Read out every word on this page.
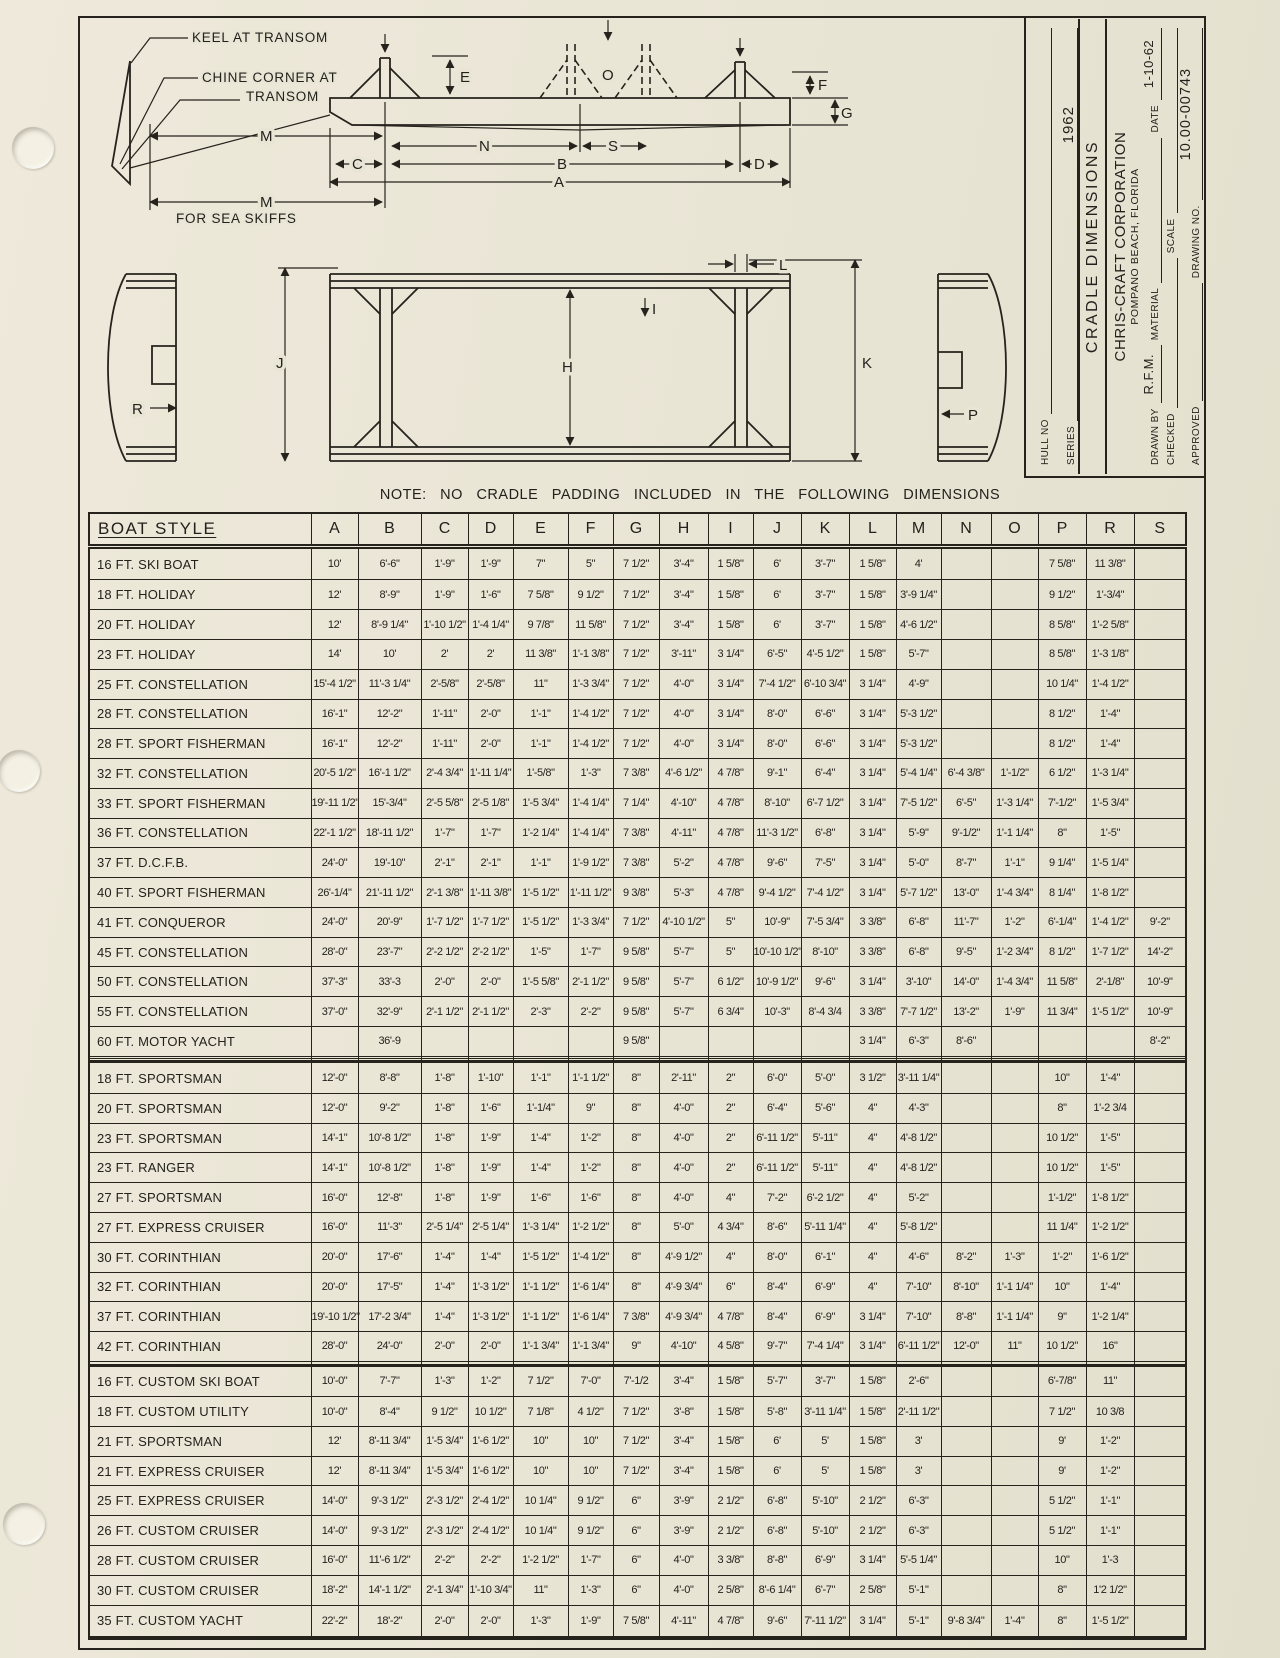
KEEL AT TRANSOM
CHINE CORNER AT
TRANSOM
FOR SEA SKIFFS
E	O
F
G
M
N	S
C	B	D
A
M
J	H
I
K
L
R	P
HULL NO SERIES
1962
CRADLE DIMENSIONS CHRIS-CRAFT CORPORATION POMPANO BEACH, FLORIDA
DRAWN BY
R.F.M.
MATERIAL
DATE
1-10-62
CHECKED
SCALE
APPROVED
DRAWING NO.
10.00-00743
NOTE: NO CRADLE PADDING INCLUDED IN THE FOLLOWING DIMENSIONS
BOAT STYLE	A	B	C	D	E	F	G	H	I	J	K	L	M	N	O	P	R	S
16 FT. SKI BOAT	10'	6'-6"	1'-9"	1'-9"	7"	5"	7 1/2"	3'-4"	1 5/8"	6'	3'-7"	1 5/8"	4'			7 5/8"	11 3/8"	
18 FT. HOLIDAY	12'	8'-9"	1'-9"	1'-6"	7 5/8"	9 1/2"	7 1/2"	3'-4"	1 5/8"	6'	3'-7"	1 5/8"	3'-9 1/4"			9 1/2"	1'-3/4"	
20 FT. HOLIDAY	12'	8'-9 1/4"	1'-10 1/2"	1'-4 1/4"	9 7/8"	11 5/8"	7 1/2"	3'-4"	1 5/8"	6'	3'-7"	1 5/8"	4'-6 1/2"			8 5/8"	1'-2 5/8"	
23 FT. HOLIDAY	14'	10'	2'	2'	11 3/8"	1'-1 3/8"	7 1/2"	3'-11"	3 1/4"	6'-5"	4'-5 1/2"	1 5/8"	5'-7"			8 5/8"	1'-3 1/8"	
25 FT. CONSTELLATION	15'-4 1/2"	11'-3 1/4"	2'-5/8"	2'-5/8"	11"	1'-3 3/4"	7 1/2"	4'-0"	3 1/4"	7'-4 1/2"	6'-10 3/4"	3 1/4"	4'-9"			10 1/4"	1'-4 1/2"	
28 FT. CONSTELLATION	16'-1"	12'-2"	1'-11"	2'-0"	1'-1"	1'-4 1/2"	7 1/2"	4'-0"	3 1/4"	8'-0"	6'-6"	3 1/4"	5'-3 1/2"			8 1/2"	1'-4"	
28 FT. SPORT FISHERMAN	16'-1"	12'-2"	1'-11"	2'-0"	1'-1"	1'-4 1/2"	7 1/2"	4'-0"	3 1/4"	8'-0"	6'-6"	3 1/4"	5'-3 1/2"			8 1/2"	1'-4"	
32 FT. CONSTELLATION	20'-5 1/2"	16'-1 1/2"	2'-4 3/4"	1'-11 1/4"	1'-5/8"	1'-3"	7 3/8"	4'-6 1/2"	4 7/8"	9'-1"	6'-4"	3 1/4"	5'-4 1/4"	6'-4 3/8"	1'-1/2"	6 1/2"	1'-3 1/4"	
33 FT. SPORT FISHERMAN	19'-11 1/2"	15'-3/4"	2'-5 5/8"	2'-5 1/8"	1'-5 3/4"	1'-4 1/4"	7 1/4"	4'-10"	4 7/8"	8'-10"	6'-7 1/2"	3 1/4"	7'-5 1/2"	6'-5"	1'-3 1/4"	7'-1/2"	1'-5 3/4"	
36 FT. CONSTELLATION	22'-1 1/2"	18'-11 1/2"	1'-7"	1'-7"	1'-2 1/4"	1'-4 1/4"	7 3/8"	4'-11"	4 7/8"	11'-3 1/2"	6'-8"	3 1/4"	5'-9"	9'-1/2"	1'-1 1/4"	8"	1'-5"	
37 FT. D.C.F.B.	24'-0"	19'-10"	2'-1"	2'-1"	1'-1"	1'-9 1/2"	7 3/8"	5'-2"	4 7/8"	9'-6"	7'-5"	3 1/4"	5'-0"	8'-7"	1'-1"	9 1/4"	1'-5 1/4"	
40 FT. SPORT FISHERMAN	26'-1/4"	21'-11 1/2"	2'-1 3/8"	1'-11 3/8"	1'-5 1/2"	1'-11 1/2"	9 3/8"	5'-3"	4 7/8"	9'-4 1/2"	7'-4 1/2"	3 1/4"	5'-7 1/2"	13'-0"	1'-4 3/4"	8 1/4"	1'-8 1/2"	
41 FT. CONQUEROR	24'-0"	20'-9"	1'-7 1/2"	1'-7 1/2"	1'-5 1/2"	1'-3 3/4"	7 1/2"	4'-10 1/2"	5"	10'-9"	7'-5 3/4"	3 3/8"	6'-8"	11'-7"	1'-2"	6'-1/4"	1'-4 1/2"	9'-2"
45 FT. CONSTELLATION	28'-0"	23'-7"	2'-2 1/2"	2'-2 1/2"	1'-5"	1'-7"	9 5/8"	5'-7"	5"	10'-10 1/2"	8'-10"	3 3/8"	6'-8"	9'-5"	1'-2 3/4"	8 1/2"	1'-7 1/2"	14'-2"
50 FT. CONSTELLATION	37'-3"	33'-3	2'-0"	2'-0"	1'-5 5/8"	2'-1 1/2"	9 5/8"	5'-7"	6 1/2"	10'-9 1/2"	9'-6"	3 1/4"	3'-10"	14'-0"	1'-4 3/4"	11 5/8"	2'-1/8"	10'-9"
55 FT. CONSTELLATION	37'-0"	32'-9"	2'-1 1/2"	2'-1 1/2"	2'-3"	2'-2"	9 5/8"	5'-7"	6 3/4"	10'-3"	8'-4 3/4	3 3/8"	7'-7 1/2"	13'-2"	1'-9"	11 3/4"	1'-5 1/2"	10'-9"
60 FT. MOTOR YACHT		36'-9					9 5/8"					3 1/4"	6'-3"	8'-6"				8'-2"

18 FT. SPORTSMAN	12'-0"	8'-8"	1'-8"	1'-10"	1'-1"	1'-1 1/2"	8"	2'-11"	2"	6'-0"	5'-0"	3 1/2"	3'-11 1/4"			10"	1'-4"	
20 FT. SPORTSMAN	12'-0"	9'-2"	1'-8"	1'-6"	1'-1/4"	9"	8"	4'-0"	2"	6'-4"	5'-6"	4"	4'-3"			8"	1'-2 3/4	
23 FT. SPORTSMAN	14'-1"	10'-8 1/2"	1'-8"	1'-9"	1'-4"	1'-2"	8"	4'-0"	2"	6'-11 1/2"	5'-11"	4"	4'-8 1/2"			10 1/2"	1'-5"	
23 FT. RANGER	14'-1"	10'-8 1/2"	1'-8"	1'-9"	1'-4"	1'-2"	8"	4'-0"	2"	6'-11 1/2"	5'-11"	4"	4'-8 1/2"			10 1/2"	1'-5"	
27 FT. SPORTSMAN	16'-0"	12'-8"	1'-8"	1'-9"	1'-6"	1'-6"	8"	4'-0"	4"	7'-2"	6'-2 1/2"	4"	5'-2"			1'-1/2"	1'-8 1/2"	
27 FT. EXPRESS CRUISER	16'-0"	11'-3"	2'-5 1/4"	2'-5 1/4"	1'-3 1/4"	1'-2 1/2"	8"	5'-0"	4 3/4"	8'-6"	5'-11 1/4"	4"	5'-8 1/2"			11 1/4"	1'-2 1/2"	
30 FT. CORINTHIAN	20'-0"	17'-6"	1'-4"	1'-4"	1'-5 1/2"	1'-4 1/2"	8"	4'-9 1/2"	4"	8'-0"	6'-1"	4"	4'-6"	8'-2"	1'-3"	1'-2"	1'-6 1/2"	
32 FT. CORINTHIAN	20'-0"	17'-5"	1'-4"	1'-3 1/2"	1'-1 1/2"	1'-6 1/4"	8"	4'-9 3/4"	6"	8'-4"	6'-9"	4"	7'-10"	8'-10"	1'-1 1/4"	10"	1'-4"	
37 FT. CORINTHIAN	19'-10 1/2"	17'-2 3/4"	1'-4"	1'-3 1/2"	1'-1 1/2"	1'-6 1/4"	7 3/8"	4'-9 3/4"	4 7/8"	8'-4"	6'-9"	3 1/4"	7'-10"	8'-8"	1'-1 1/4"	9"	1'-2 1/4"	
42 FT. CORINTHIAN	28'-0"	24'-0"	2'-0"	2'-0"	1'-1 3/4"	1'-1 3/4"	9"	4'-10"	4 5/8"	9'-7"	7'-4 1/4"	3 1/4"	6'-11 1/2"	12'-0"	11"	10 1/2"	16"	

16 FT. CUSTOM SKI BOAT	10'-0"	7'-7"	1'-3"	1'-2"	7 1/2"	7'-0"	7'-1/2	3'-4"	1 5/8"	5'-7"	3'-7"	1 5/8"	2'-6"			6'-7/8"	11"	
18 FT. CUSTOM UTILITY	10'-0"	8'-4"	9 1/2"	10 1/2"	7 1/8"	4 1/2"	7 1/2"	3'-8"	1 5/8"	5'-8"	3'-11 1/4"	1 5/8"	2'-11 1/2"			7 1/2"	10 3/8	
21 FT. SPORTSMAN	12'	8'-11 3/4"	1'-5 3/4"	1'-6 1/2"	10"	10"	7 1/2"	3'-4"	1 5/8"	6'	5'	1 5/8"	3'			9'	1'-2"	
21 FT. EXPRESS CRUISER	12'	8'-11 3/4"	1'-5 3/4"	1'-6 1/2"	10"	10"	7 1/2"	3'-4"	1 5/8"	6'	5'	1 5/8"	3'			9'	1'-2"	
25 FT. EXPRESS CRUISER	14'-0"	9'-3 1/2"	2'-3 1/2"	2'-4 1/2"	10 1/4"	9 1/2"	6"	3'-9"	2 1/2"	6'-8"	5'-10"	2 1/2"	6'-3"			5 1/2"	1'-1"	
26 FT. CUSTOM CRUISER	14'-0"	9'-3 1/2"	2'-3 1/2"	2'-4 1/2"	10 1/4"	9 1/2"	6"	3'-9"	2 1/2"	6'-8"	5'-10"	2 1/2"	6'-3"			5 1/2"	1'-1"	
28 FT. CUSTOM CRUISER	16'-0"	11'-6 1/2"	2'-2"	2'-2"	1'-2 1/2"	1'-7"	6"	4'-0"	3 3/8"	8'-8"	6'-9"	3 1/4"	5'-5 1/4"			10"	1'-3	
30 FT. CUSTOM CRUISER	18'-2"	14'-1 1/2"	2'-1 3/4"	1'-10 3/4"	11"	1'-3"	6"	4'-0"	2 5/8"	8'-6 1/4"	6'-7"	2 5/8"	5'-1"			8"	1'2 1/2"	
35 FT. CUSTOM YACHT	22'-2"	18'-2"	2'-0"	2'-0"	1'-3"	1'-9"	7 5/8"	4'-11"	4 7/8"	9'-6"	7'-11 1/2"	3 1/4"	5'-1"	9'-8 3/4"	1'-4"	8"	1'-5 1/2"	
